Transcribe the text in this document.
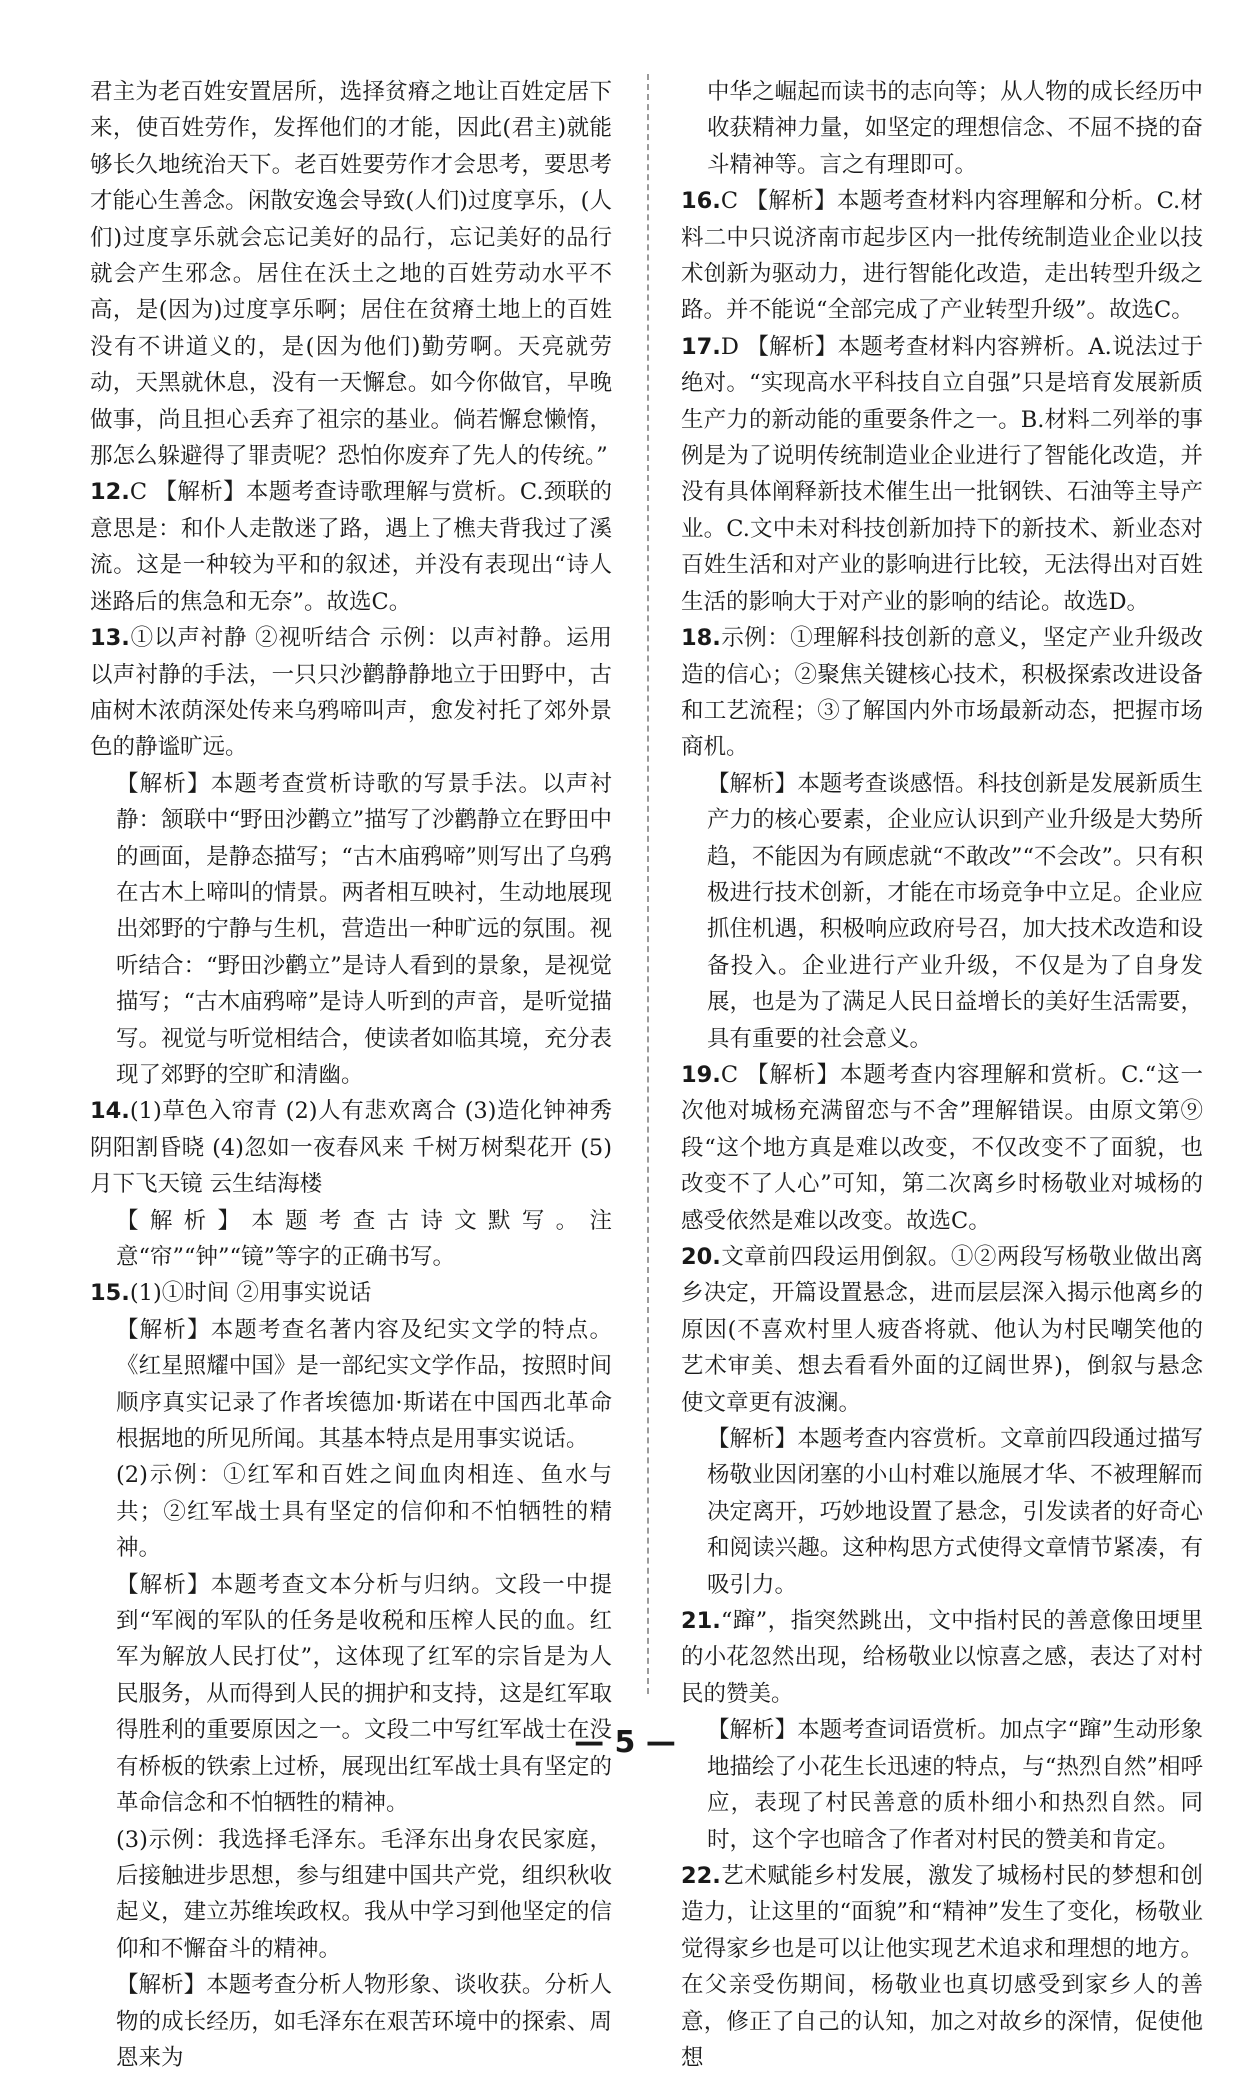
君主为老百姓安置居所，选择贫瘠之地让百姓定居下来，使百姓劳作，发挥他们的才能，因此(君主)就能够长久地统治天下。老百姓要劳作才会思考，要思考才能心生善念。闲散安逸会导致(人们)过度享乐，(人们)过度享乐就会忘记美好的品行，忘记美好的品行就会产生邪念。居住在沃土之地的百姓劳动水平不高，是(因为)过度享乐啊；居住在贫瘠土地上的百姓没有不讲道义的，是(因为他们)勤劳啊。天亮就劳动，天黑就休息，没有一天懈怠。如今你做官，早晚做事，尚且担心丢弃了祖宗的基业。倘若懈怠懒惰，那怎么躲避得了罪责呢？恐怕你废弃了先人的传统。”

12.C 【解析】本题考查诗歌理解与赏析。C.颈联的意思是：和仆人走散迷了路，遇上了樵夫背我过了溪流。这是一种较为平和的叙述，并没有表现出“诗人迷路后的焦急和无奈”。故选C。

13.①以声衬静 ②视听结合 示例：以声衬静。运用以声衬静的手法，一只只沙鹳静静地立于田野中，古庙树木浓荫深处传来乌鸦啼叫声，愈发衬托了郊外景色的静谧旷远。

【解析】本题考查赏析诗歌的写景手法。以声衬静：颔联中“野田沙鹳立”描写了沙鹳静立在野田中的画面，是静态描写；“古木庙鸦啼”则写出了乌鸦在古木上啼叫的情景。两者相互映衬，生动地展现出郊野的宁静与生机，营造出一种旷远的氛围。视听结合：“野田沙鹳立”是诗人看到的景象，是视觉描写；“古木庙鸦啼”是诗人听到的声音，是听觉描写。视觉与听觉相结合，使读者如临其境，充分表现了郊野的空旷和清幽。

14.(1)草色入帘青 (2)人有悲欢离合 (3)造化钟神秀 阴阳割昏晓 (4)忽如一夜春风来 千树万树梨花开 (5)月下飞天镜 云生结海楼

【解析】本题考查古诗文默写。注意“帘”“钟”“镜”等字的正确书写。

15.(1)①时间 ②用事实说话

【解析】本题考查名著内容及纪实文学的特点。《红星照耀中国》是一部纪实文学作品，按照时间顺序真实记录了作者埃德加·斯诺在中国西北革命根据地的所见所闻。其基本特点是用事实说话。

(2)示例：①红军和百姓之间血肉相连、鱼水与共；②红军战士具有坚定的信仰和不怕牺牲的精神。

【解析】本题考查文本分析与归纳。文段一中提到“军阀的军队的任务是收税和压榨人民的血。红军为解放人民打仗”，这体现了红军的宗旨是为人民服务，从而得到人民的拥护和支持，这是红军取得胜利的重要原因之一。文段二中写红军战士在没有桥板的铁索上过桥，展现出红军战士具有坚定的革命信念和不怕牺牲的精神。

(3)示例：我选择毛泽东。毛泽东出身农民家庭，后接触进步思想，参与组建中国共产党，组织秋收起义，建立苏维埃政权。我从中学习到他坚定的信仰和不懈奋斗的精神。

【解析】本题考查分析人物形象、谈收获。分析人物的成长经历，如毛泽东在艰苦环境中的探索、周恩来为

中华之崛起而读书的志向等；从人物的成长经历中收获精神力量，如坚定的理想信念、不屈不挠的奋斗精神等。言之有理即可。

16.C 【解析】本题考查材料内容理解和分析。C.材料二中只说济南市起步区内一批传统制造业企业以技术创新为驱动力，进行智能化改造，走出转型升级之路。并不能说“全部完成了产业转型升级”。故选C。

17.D 【解析】本题考查材料内容辨析。A.说法过于绝对。“实现高水平科技自立自强”只是培育发展新质生产力的新动能的重要条件之一。B.材料二列举的事例是为了说明传统制造业企业进行了智能化改造，并没有具体阐释新技术催生出一批钢铁、石油等主导产业。C.文中未对科技创新加持下的新技术、新业态对百姓生活和对产业的影响进行比较，无法得出对百姓生活的影响大于对产业的影响的结论。故选D。

18.示例：①理解科技创新的意义，坚定产业升级改造的信心；②聚焦关键核心技术，积极探索改进设备和工艺流程；③了解国内外市场最新动态，把握市场商机。

【解析】本题考查谈感悟。科技创新是发展新质生产力的核心要素，企业应认识到产业升级是大势所趋，不能因为有顾虑就“不敢改”“不会改”。只有积极进行技术创新，才能在市场竞争中立足。企业应抓住机遇，积极响应政府号召，加大技术改造和设备投入。企业进行产业升级，不仅是为了自身发展，也是为了满足人民日益增长的美好生活需要，具有重要的社会意义。

19.C 【解析】本题考查内容理解和赏析。C.“这一次他对城杨充满留恋与不舍”理解错误。由原文第⑨段“这个地方真是难以改变，不仅改变不了面貌，也改变不了人心”可知，第二次离乡时杨敬业对城杨的感受依然是难以改变。故选C。

20.文章前四段运用倒叙。①②两段写杨敬业做出离乡决定，开篇设置悬念，进而层层深入揭示他离乡的原因(不喜欢村里人疲沓将就、他认为村民嘲笑他的艺术审美、想去看看外面的辽阔世界)，倒叙与悬念使文章更有波澜。

【解析】本题考查内容赏析。文章前四段通过描写杨敬业因闭塞的小山村难以施展才华、不被理解而决定离开，巧妙地设置了悬念，引发读者的好奇心和阅读兴趣。这种构思方式使得文章情节紧凑，有吸引力。

21.“蹿”，指突然跳出，文中指村民的善意像田埂里的小花忽然出现，给杨敬业以惊喜之感，表达了对村民的赞美。

【解析】本题考查词语赏析。加点字“蹿”生动形象地描绘了小花生长迅速的特点，与“热烈自然”相呼应，表现了村民善意的质朴细小和热烈自然。同时，这个字也暗含了作者对村民的赞美和肯定。

22.艺术赋能乡村发展，激发了城杨村民的梦想和创造力，让这里的“面貌”和“精神”发生了变化，杨敬业觉得家乡也是可以让他实现艺术追求和理想的地方。在父亲受伤期间，杨敬业也真切感受到家乡人的善意，修正了自己的认知，加之对故乡的深情，促使他想

— 5 —
